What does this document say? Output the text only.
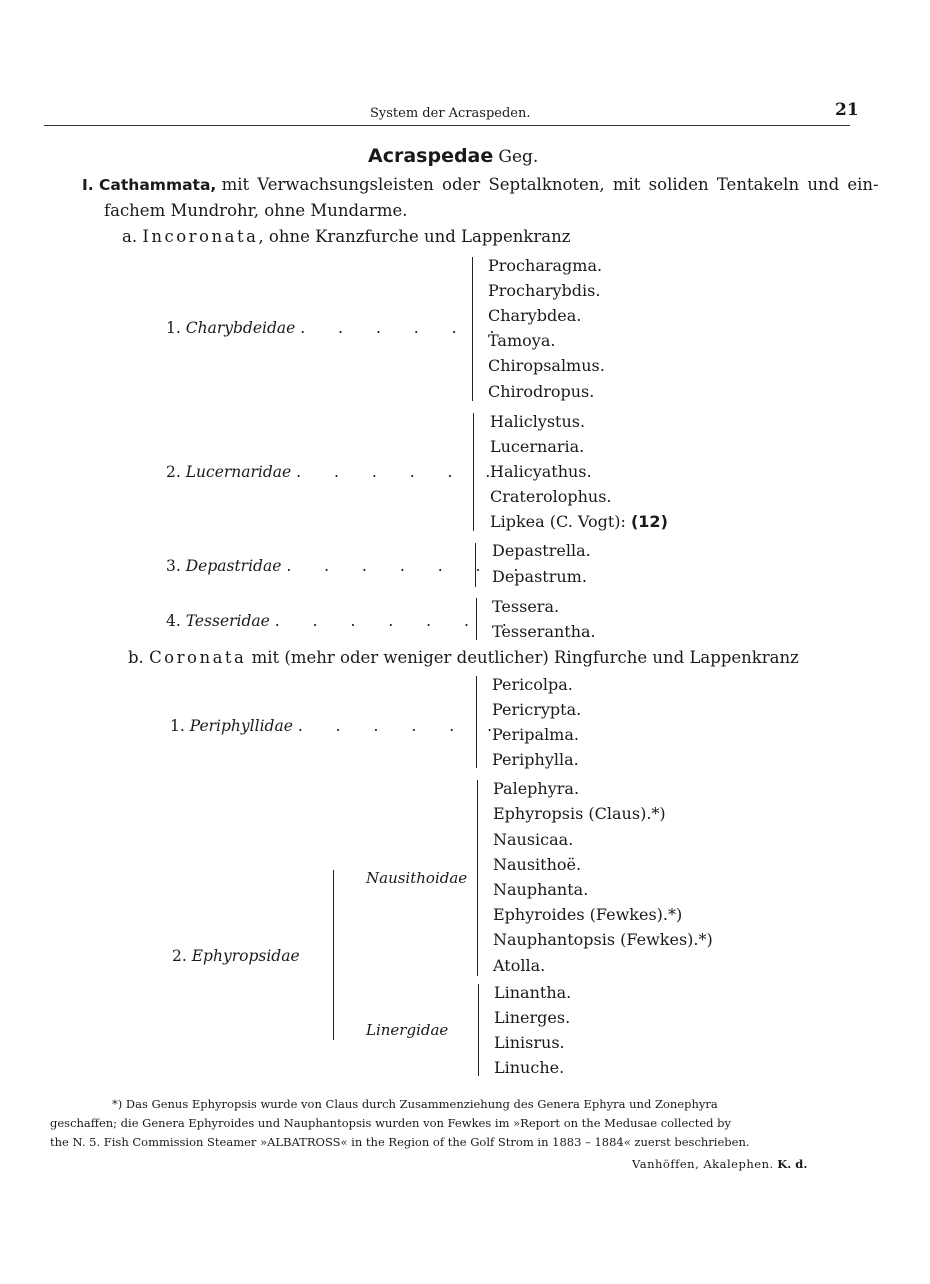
System der Acraspeden.	21
Acraspedae Geg.
I. Cathammata, mit Verwachsungsleisten oder Septalknoten, mit soliden Tentakeln und ein-
fachem Mundrohr, ohne Mundarme.
a. Incoronata, ohne Kranzfurche und Lappenkranz
1. Charybdeidae . . . . . .
Procharagma.
Procharybdis.
Charybdea.
Tamoya.
Chiropsalmus.
Chirodropus.
2. Lucernaridae . . . . . .
Haliclystus.
Lucernaria.
Halicyathus.
Craterolophus.
Lipkea (C. Vogt): (12)
3. Depastridae . . . . . . .
Depastrella.
Depastrum.
4. Tesseridae . . . . . . .
Tessera.
Tesserantha.
b. Coronata mit (mehr oder weniger deutlicher) Ringfurche und Lappenkranz
1. Periphyllidae . . . . . .
Pericolpa.
Pericrypta.
Peripalma.
Periphylla.
2. Ephyropsidae
Nausithoidae
Palephyra.
Ephyropsis (Claus).*)
Nausicaa.
Nausithoë.
Nauphanta.
Ephyroides (Fewkes).*)
Nauphantopsis (Fewkes).*)
Atolla.
Linergidae
Linantha.
Linerges.
Linisrus.
Linuche.
*) Das Genus Ephyropsis wurde von Claus durch Zusammenziehung des Genera Ephyra und Zonephyra
geschaffen; die Genera Ephyroides und Nauphantopsis wurden von Fewkes im »Report on the Medusae collected by
the N. 5. Fish Commission Steamer »ALBATROSS« in the Region of the Golf Strom in 1883 – 1884« zuerst beschrieben.
Vanhöffen, Akalephen. K. d.
